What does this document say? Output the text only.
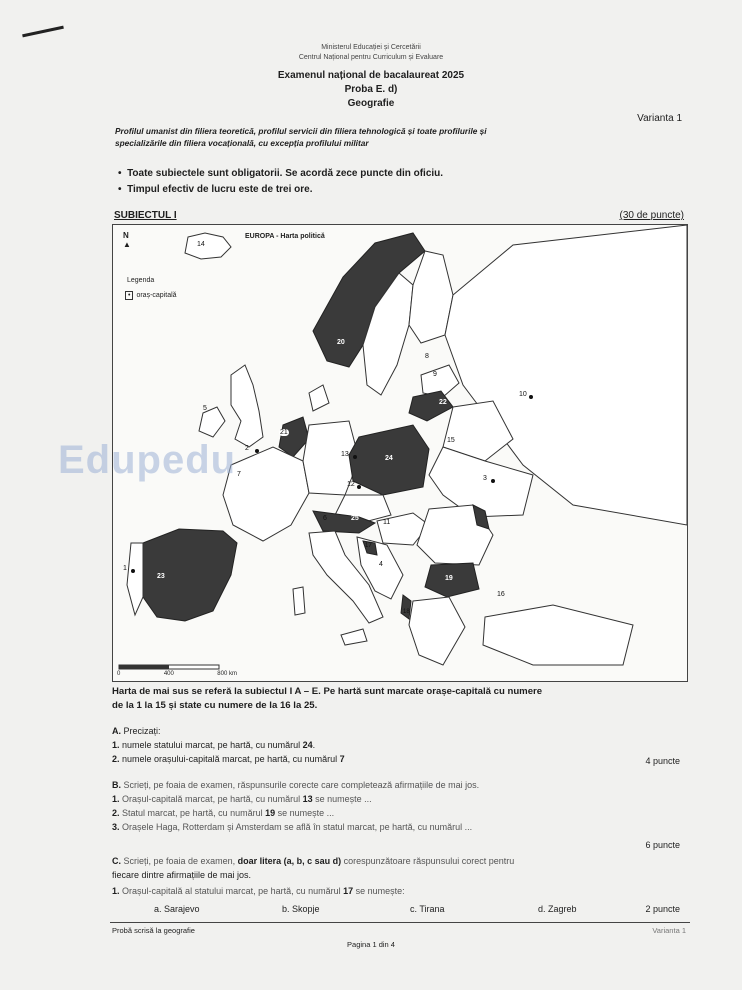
Ministerul Educației și Cercetării
Centrul Național pentru Curriculum și Evaluare
Examenul național de bacalaureat 2025
Proba E. d)
Geografie
Varianta 1
Profilul umanist din filiera teoretică, profilul servicii din filiera tehnologică și toate profilurile și
specializările din filiera vocațională, cu excepția profilului militar
•  Toate subiectele sunt obligatorii. Se acordă zece puncte din oficiu.
•  Timpul efectiv de lucru este de trei ore.
SUBIECTUL I	(30 de puncte)
N
▲
EUROPA - Harta politică
Legenda
• oraș-capitală
16
17
18
19
20
21
22
23
24
25
1
2
3
4
5
6
7
8
9
10
11
12
13
14
15
0	400	800 km
Edupedu
Harta de mai sus se referă la subiectul I A – E. Pe hartă sunt marcate orașe-capitală cu numere
de la 1 la 15 și state cu numere de la 16 la 25.
A. Precizați:
1. numele statului marcat, pe hartă, cu numărul 24.
2. numele orașului-capitală marcat, pe hartă, cu numărul 7	4 puncte
B. Scrieți, pe foaia de examen, răspunsurile corecte care completează afirmațiile de mai jos.
1. Orașul-capitală marcat, pe hartă, cu numărul 13 se numește ...
2. Statul marcat, pe hartă, cu numărul 19 se numește ...
3. Orașele Haga, Rotterdam și Amsterdam se află în statul marcat, pe hartă, cu numărul ...
6 puncte
C. Scrieți, pe foaia de examen, doar litera (a, b, c sau d) corespunzătoare răspunsului corect pentru
fiecare dintre afirmațiile de mai jos.
1. Orașul-capitală al statului marcat, pe hartă, cu numărul 17 se numește:
a. Sarajevo	b. Skopje	c. Tirana	d. Zagreb	2 puncte
Probă scrisă la geografie	Varianta 1
Pagina 1 din 4
